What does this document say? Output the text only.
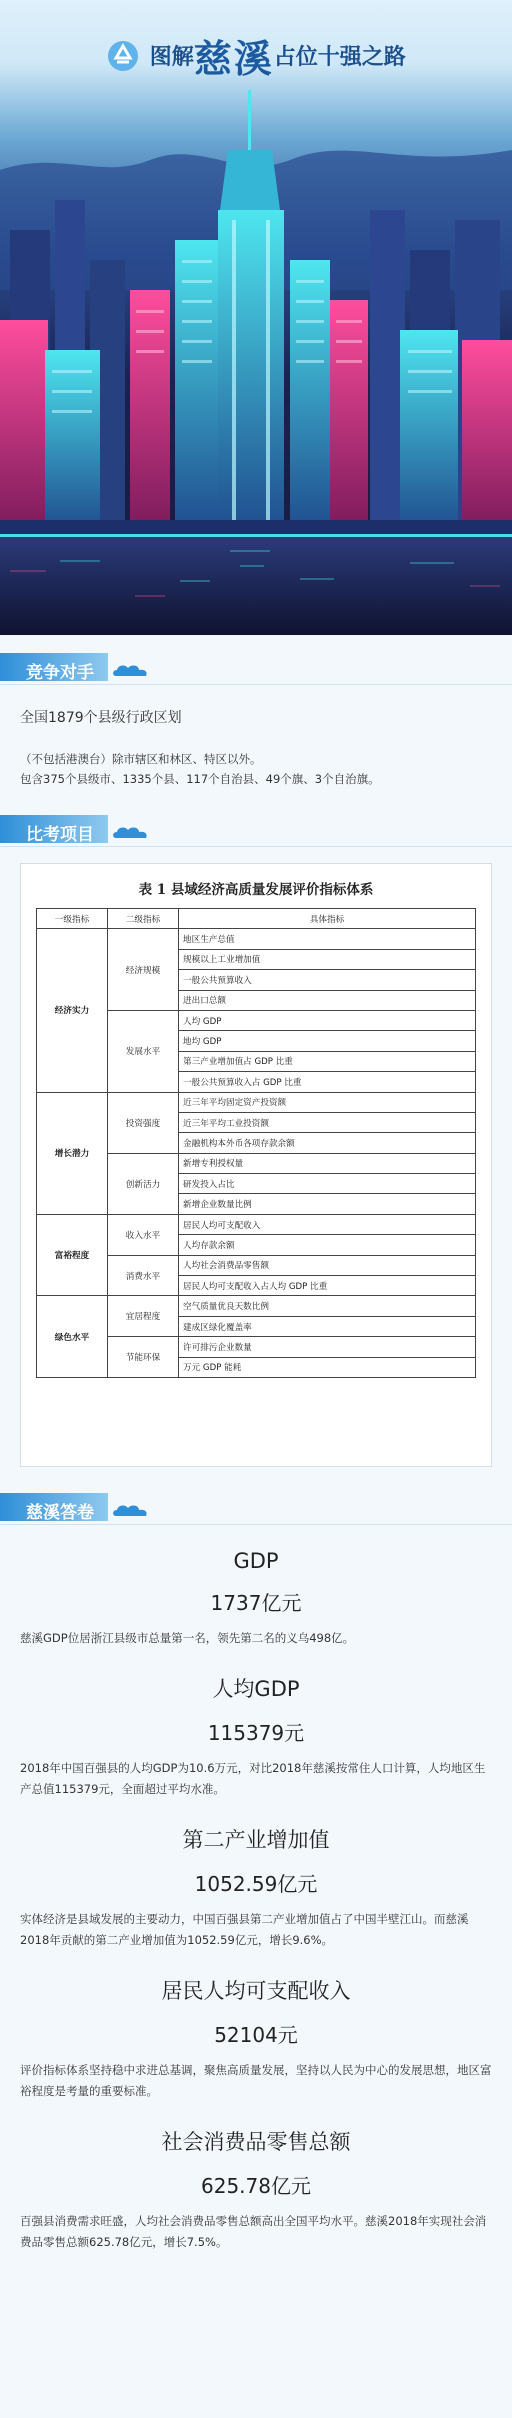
图解慈溪占位十强之路
竞争对手
全国1879个县级行政区划
（不包括港澳台）除市辖区和林区、特区以外。
包含375个县级市、1335个县、117个自治县、49个旗、3个自治旗。
比考项目
表 1 县域经济高质量发展评价指标体系
一级指标	二级指标	具体指标
经济实力	经济规模	地区生产总值
		规模以上工业增加值
		一般公共预算收入
		进出口总额
	发展水平	人均 GDP
		地均 GDP
		第三产业增加值占 GDP 比重
		一般公共预算收入占 GDP 比重
增长潜力	投资强度	近三年平均固定资产投资额
		近三年平均工业投资额
		金融机构本外币各项存款余额
	创新活力	新增专利授权量
		研发投入占比
		新增企业数量比例
富裕程度	收入水平	居民人均可支配收入
		人均存款余额
	消费水平	人均社会消费品零售额
		居民人均可支配收入占人均 GDP 比重
绿色水平	宜居程度	空气质量优良天数比例
		建成区绿化覆盖率
	节能环保	许可排污企业数量
		万元 GDP 能耗
慈溪答卷
GDP
1737亿元
慈溪GDP位居浙江县级市总量第一名，领先第二名的义乌498亿。
人均GDP
115379元
2018年中国百强县的人均GDP为10.6万元，对比2018年慈溪按常住人口计算，人均地区生产总值115379元，全面超过平均水准。
第二产业增加值
1052.59亿元
实体经济是县域发展的主要动力，中国百强县第二产业增加值占了中国半壁江山。而慈溪2018年贡献的第二产业增加值为1052.59亿元，增长9.6%。
居民人均可支配收入
52104元
评价指标体系坚持稳中求进总基调，聚焦高质量发展，坚持以人民为中心的发展思想，地区富裕程度是考量的重要标准。
社会消费品零售总额
625.78亿元
百强县消费需求旺盛，人均社会消费品零售总额高出全国平均水平。慈溪2018年实现社会消费品零售总额625.78亿元，增长7.5%。
